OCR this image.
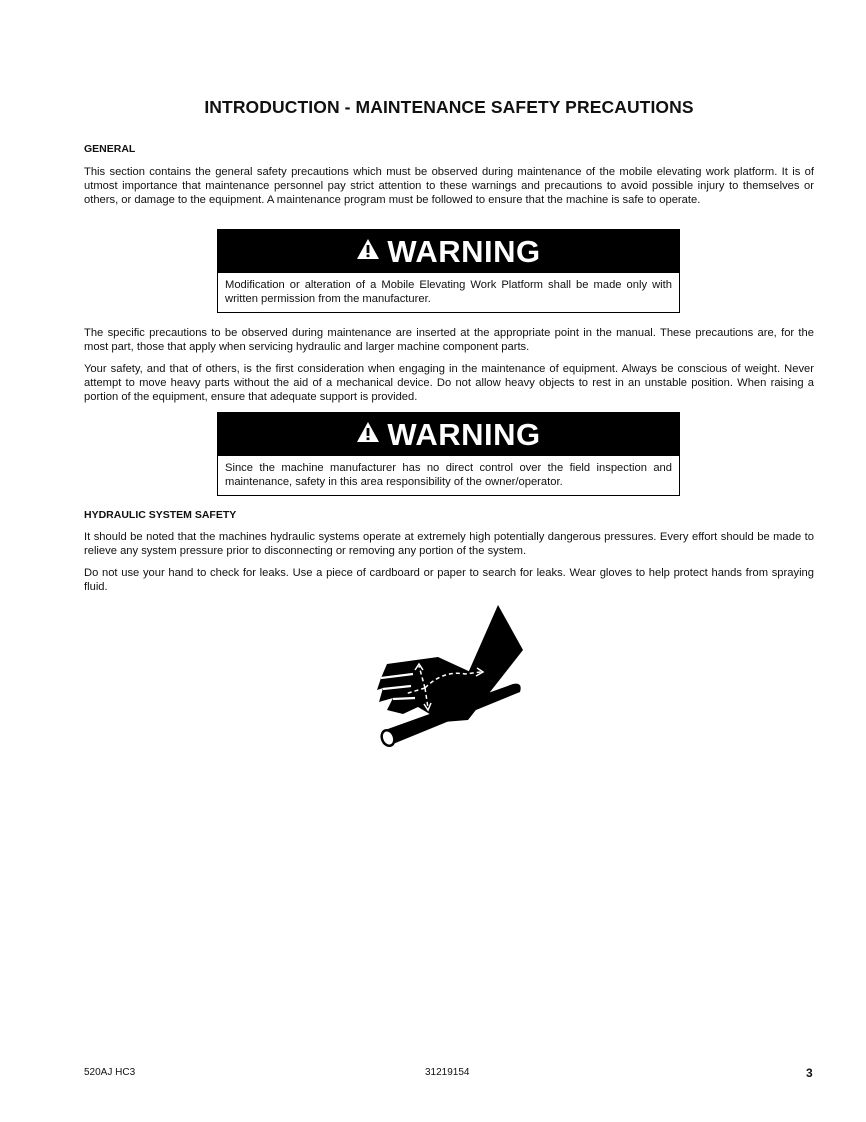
INTRODUCTION - MAINTENANCE SAFETY PRECAUTIONS
GENERAL

This section contains the general safety precautions which must be observed during maintenance of the mobile elevating work platform. It is of utmost importance that maintenance personnel pay strict attention to these warnings and precautions to avoid possible injury to themselves or others, or damage to the equipment. A maintenance program must be followed to ensure that the machine is safe to operate.

WARNING
Modification or alteration of a Mobile Elevating Work Platform shall be made only with written permission from the manufacturer.

The specific precautions to be observed during maintenance are inserted at the appropriate point in the manual. These precautions are, for the most part, those that apply when servicing hydraulic and larger machine component parts.

Your safety, and that of others, is the first consideration when engaging in the maintenance of equipment. Always be conscious of weight. Never attempt to move heavy parts without the aid of a mechanical device. Do not allow heavy objects to rest in an unstable position. When raising a portion of the equipment, ensure that adequate support is provided.

WARNING
Since the machine manufacturer has no direct control over the field inspection and maintenance, safety in this area responsibility of the owner/operator.
HYDRAULIC SYSTEM SAFETY

It should be noted that the machines hydraulic systems operate at extremely high potentially dangerous pressures. Every effort should be made to relieve any system pressure prior to disconnecting or removing any portion of the system.

Do not use your hand to check for leaks. Use a piece of cardboard or paper to search for leaks. Wear gloves to help protect hands from spraying fluid.

520AJ HC3	31219154	3
